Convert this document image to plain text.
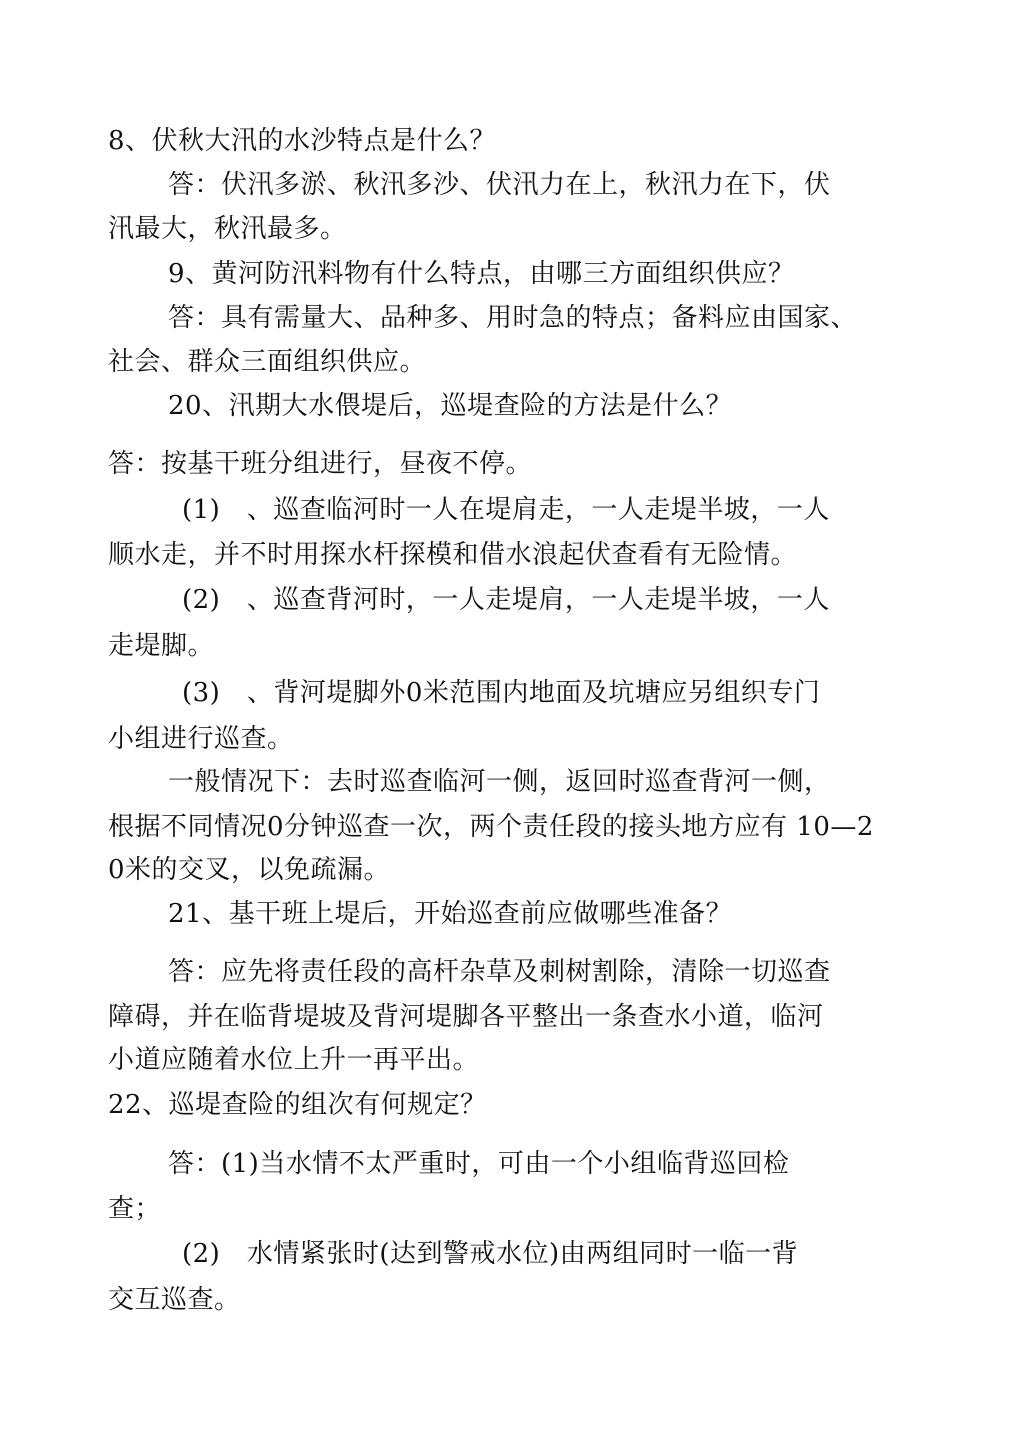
8、伏秋大汛的水沙特点是什么？

答：伏汛多淤、秋汛多沙、伏汛力在上，秋汛力在下，伏

汛最大，秋汛最多。

9、黄河防汛料物有什么特点，由哪三方面组织供应？

答：具有需量大、品种多、用时急的特点；备料应由国家、

社会、群众三面组织供应。

20、汛期大水偎堤后，巡堤查险的方法是什么？

答：按基干班分组进行，昼夜不停。

(1)　、巡查临河时一人在堤肩走，一人走堤半坡，一人

顺水走，并不时用探水杆探模和借水浪起伏查看有无险情。

(2)　、巡查背河时，一人走堤肩，一人走堤半坡，一人

走堤脚。

(3)　、背河堤脚外0米范围内地面及坑塘应另组织专门

小组进行巡查。

一般情况下：去时巡查临河一侧，返回时巡查背河一侧，

根据不同情况0分钟巡查一次，两个责任段的接头地方应有 10—2

0米的交叉，以免疏漏。

21、基干班上堤后，开始巡查前应做哪些准备？

答：应先将责任段的高杆杂草及刺树割除，清除一切巡查

障碍，并在临背堤坡及背河堤脚各平整出一条查水小道，临河

小道应随着水位上升一再平出。

22、巡堤查险的组次有何规定？

答：(1)当水情不太严重时，可由一个小组临背巡回检

查；

(2)　水情紧张时(达到警戒水位)由两组同时一临一背

交互巡查。
